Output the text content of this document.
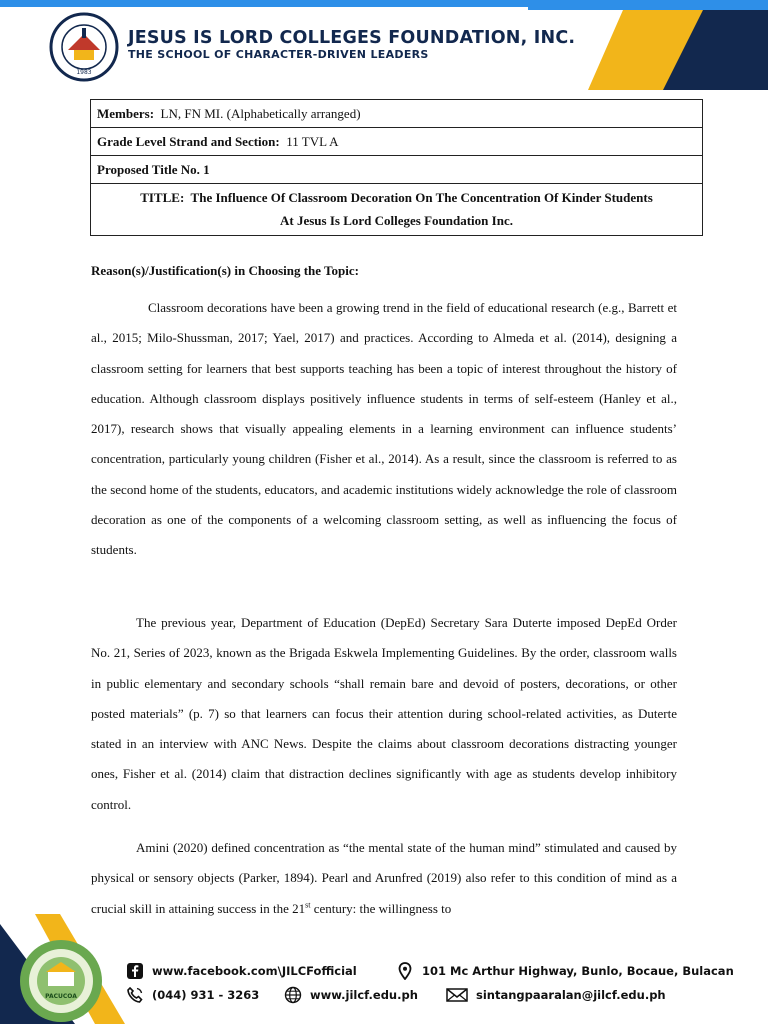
1983
JESUS IS LORD COLLEGES FOUNDATION, INC.
THE SCHOOL OF CHARACTER-DRIVEN LEADERS
Members: LN, FN MI. (Alphabetically arranged)
Grade Level Strand and Section: 11 TVL A
Proposed Title No. 1
TITLE: The Influence Of Classroom Decoration On The Concentration Of Kinder Students
At Jesus Is Lord Colleges Foundation Inc.
Reason(s)/Justification(s) in Choosing the Topic:

Classroom decorations have been a growing trend in the field of educational research (e.g., Barrett et al., 2015; Milo-Shussman, 2017; Yael, 2017) and practices. According to Almeda et al. (2014), designing a classroom setting for learners that best supports teaching has been a topic of interest throughout the history of education. Although classroom displays positively influence students in terms of self-esteem (Hanley et al., 2017), research shows that visually appealing elements in a learning environment can influence students’ concentration, particularly young children (Fisher et al., 2014). As a result, since the classroom is referred to as the second home of the students, educators, and academic institutions widely acknowledge the role of classroom decoration as one of the components of a welcoming classroom setting, as well as influencing the focus of students.

The previous year, Department of Education (DepEd) Secretary Sara Duterte imposed DepEd Order No. 21, Series of 2023, known as the Brigada Eskwela Implementing Guidelines. By the order, classroom walls in public elementary and secondary schools “shall remain bare and devoid of posters, decorations, or other posted materials” (p. 7) so that learners can focus their attention during school-related activities, as Duterte stated in an interview with ANC News. Despite the claims about classroom decorations distracting younger ones, Fisher et al. (2014) claim that distraction declines significantly with age as students develop inhibitory control.

Amini (2020) defined concentration as “the mental state of the human mind” stimulated and caused by physical or sensory objects (Parker, 1894). Pearl and Arunfred (2019) also refer to this condition of mind as a crucial skill in attaining success in the 21st century: the willingness to

PACUCOA
www.facebook.com\JILCFofficial	101 Mc Arthur Highway, Bunlo, Bocaue, Bulacan
(044) 931 - 3263	www.jilcf.edu.ph	sintangpaaralan@jilcf.edu.ph
